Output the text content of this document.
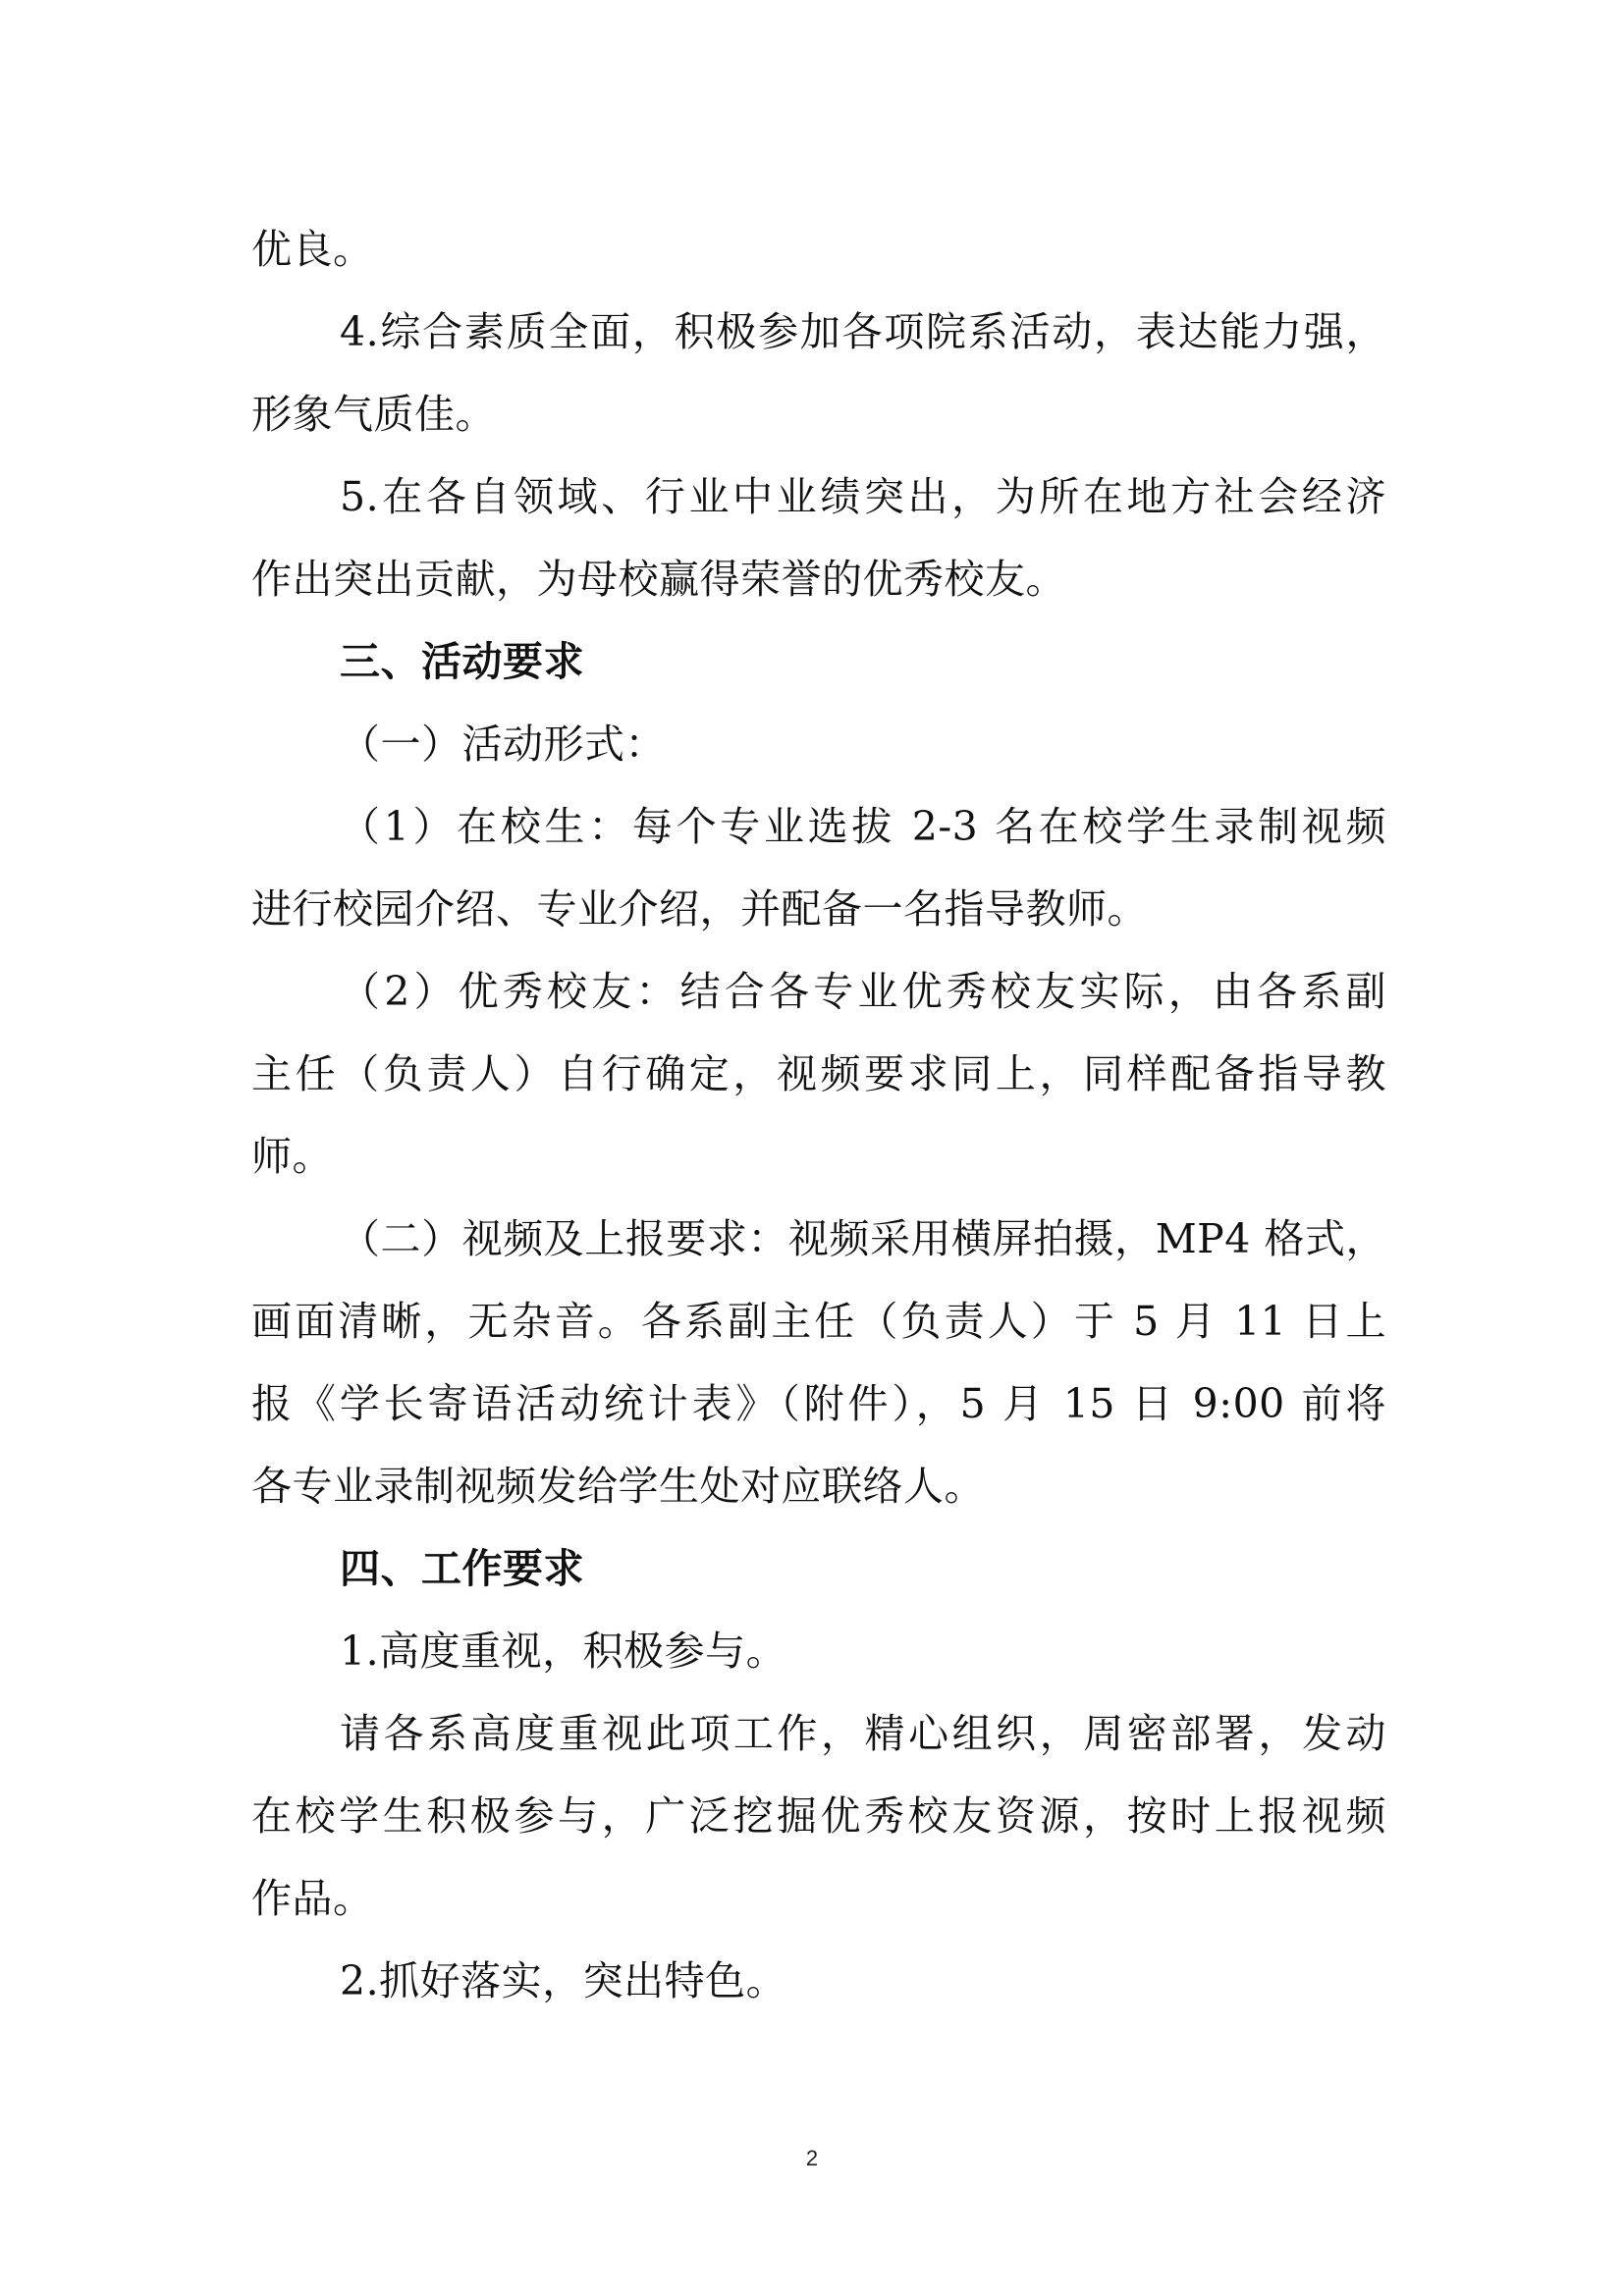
优良。
4.综合素质全面，积极参加各项院系活动，表达能力强，
形象气质佳。
5.在各自领域、行业中业绩突出，为所在地方社会经济
作出突出贡献，为母校赢得荣誉的优秀校友。
三、活动要求
（一）活动形式：
（1）在校生：每个专业选拔 2-3 名在校学生录制视频
进行校园介绍、专业介绍，并配备一名指导教师。
（2）优秀校友：结合各专业优秀校友实际，由各系副
主任（负责人）自行确定，视频要求同上，同样配备指导教
师。
（二）视频及上报要求：视频采用横屏拍摄，MP4 格式，
画面清晰，无杂音。各系副主任（负责人）于 5 月 11 日上
报《学长寄语活动统计表》（附件），5 月 15 日 9:00 前将
各专业录制视频发给学生处对应联络人。
四、工作要求
1.高度重视，积极参与。
请各系高度重视此项工作，精心组织，周密部署，发动
在校学生积极参与，广泛挖掘优秀校友资源，按时上报视频
作品。
2.抓好落实，突出特色。
2
